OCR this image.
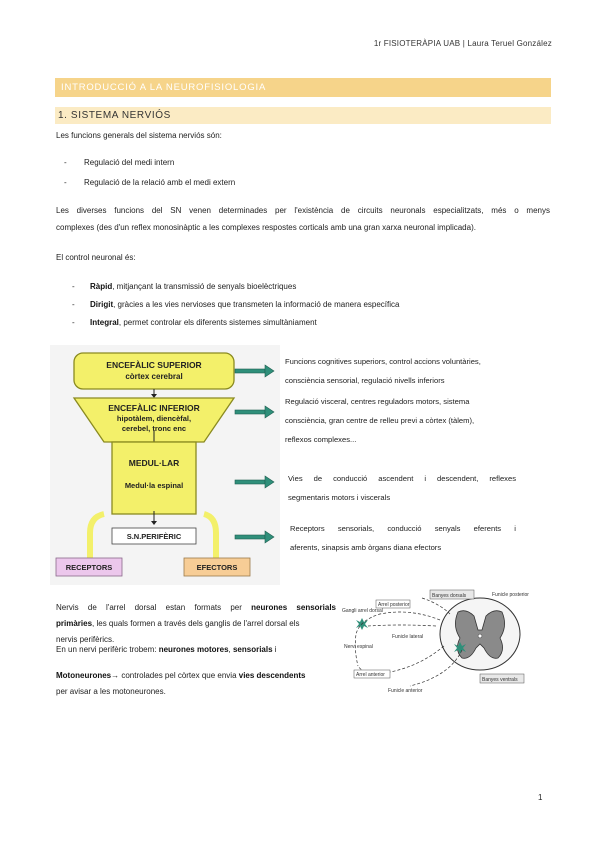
1r FISIOTERÀPIA UAB | Laura Teruel González
INTRODUCCIÓ A LA NEUROFISIOLOGIA
1. SISTEMA NERVIÓS
Les funcions generals del sistema nerviós són:
- Regulació del medi intern
- Regulació de la relació amb el medi extern
Les diverses funcions del SN venen determinades per l'existència de circuits neuronals especialitzats, més o menys
complexes (des d'un reflex monosinàptic a les complexes respostes corticals amb una gran xarxa neuronal implicada).
El control neuronal és:
- Ràpid, mitjançant la transmissió de senyals bioelèctriques
- Dirigit, gràcies a les vies nervioses que transmeten la informació de manera específica
- Integral, permet controlar els diferents sistemes simultàniament
ENCEFÀLIC SUPERIOR
còrtex cerebral
ENCEFÀLIC INFERIOR
hipotàlem, diencèfal,
cerebel, tronc enc
MEDUL·LAR
Medul·la espinal
S.N.PERIFÈRIC
RECEPTORS	EFECTORS
Funcions cognitives superiors, control accions voluntàries,
consciència sensorial, regulació nivells inferiors
Regulació visceral, centres reguladors motors, sistema
consciència, gran centre de relleu previ a còrtex (tàlem),
reflexos complexes...
Vies de conducció ascendent i descendent, reflexes
segmentaris motors i viscerals
Receptors sensorials, conducció senyals eferents i
aferents, sinapsis amb òrgans diana efectors
Nervis de l'arrel dorsal estan formats per neurones sensorials
primàries, les quals formen a través dels ganglis de l'arrel dorsal els
nervis perifèrics.
En un nervi perifèric trobem: neurones motores, sensorials i
Motoneurones→ controlades pel còrtex que envia vies descendents
per avisar a les motoneurones.
Arrel posterior
Gangli arrel dorsal
Banyes dorsals	Funicle posterior
Funicle lateral
Nervi espinal
Arrel anterior
Funicle anterior
Banyes ventrals
1
